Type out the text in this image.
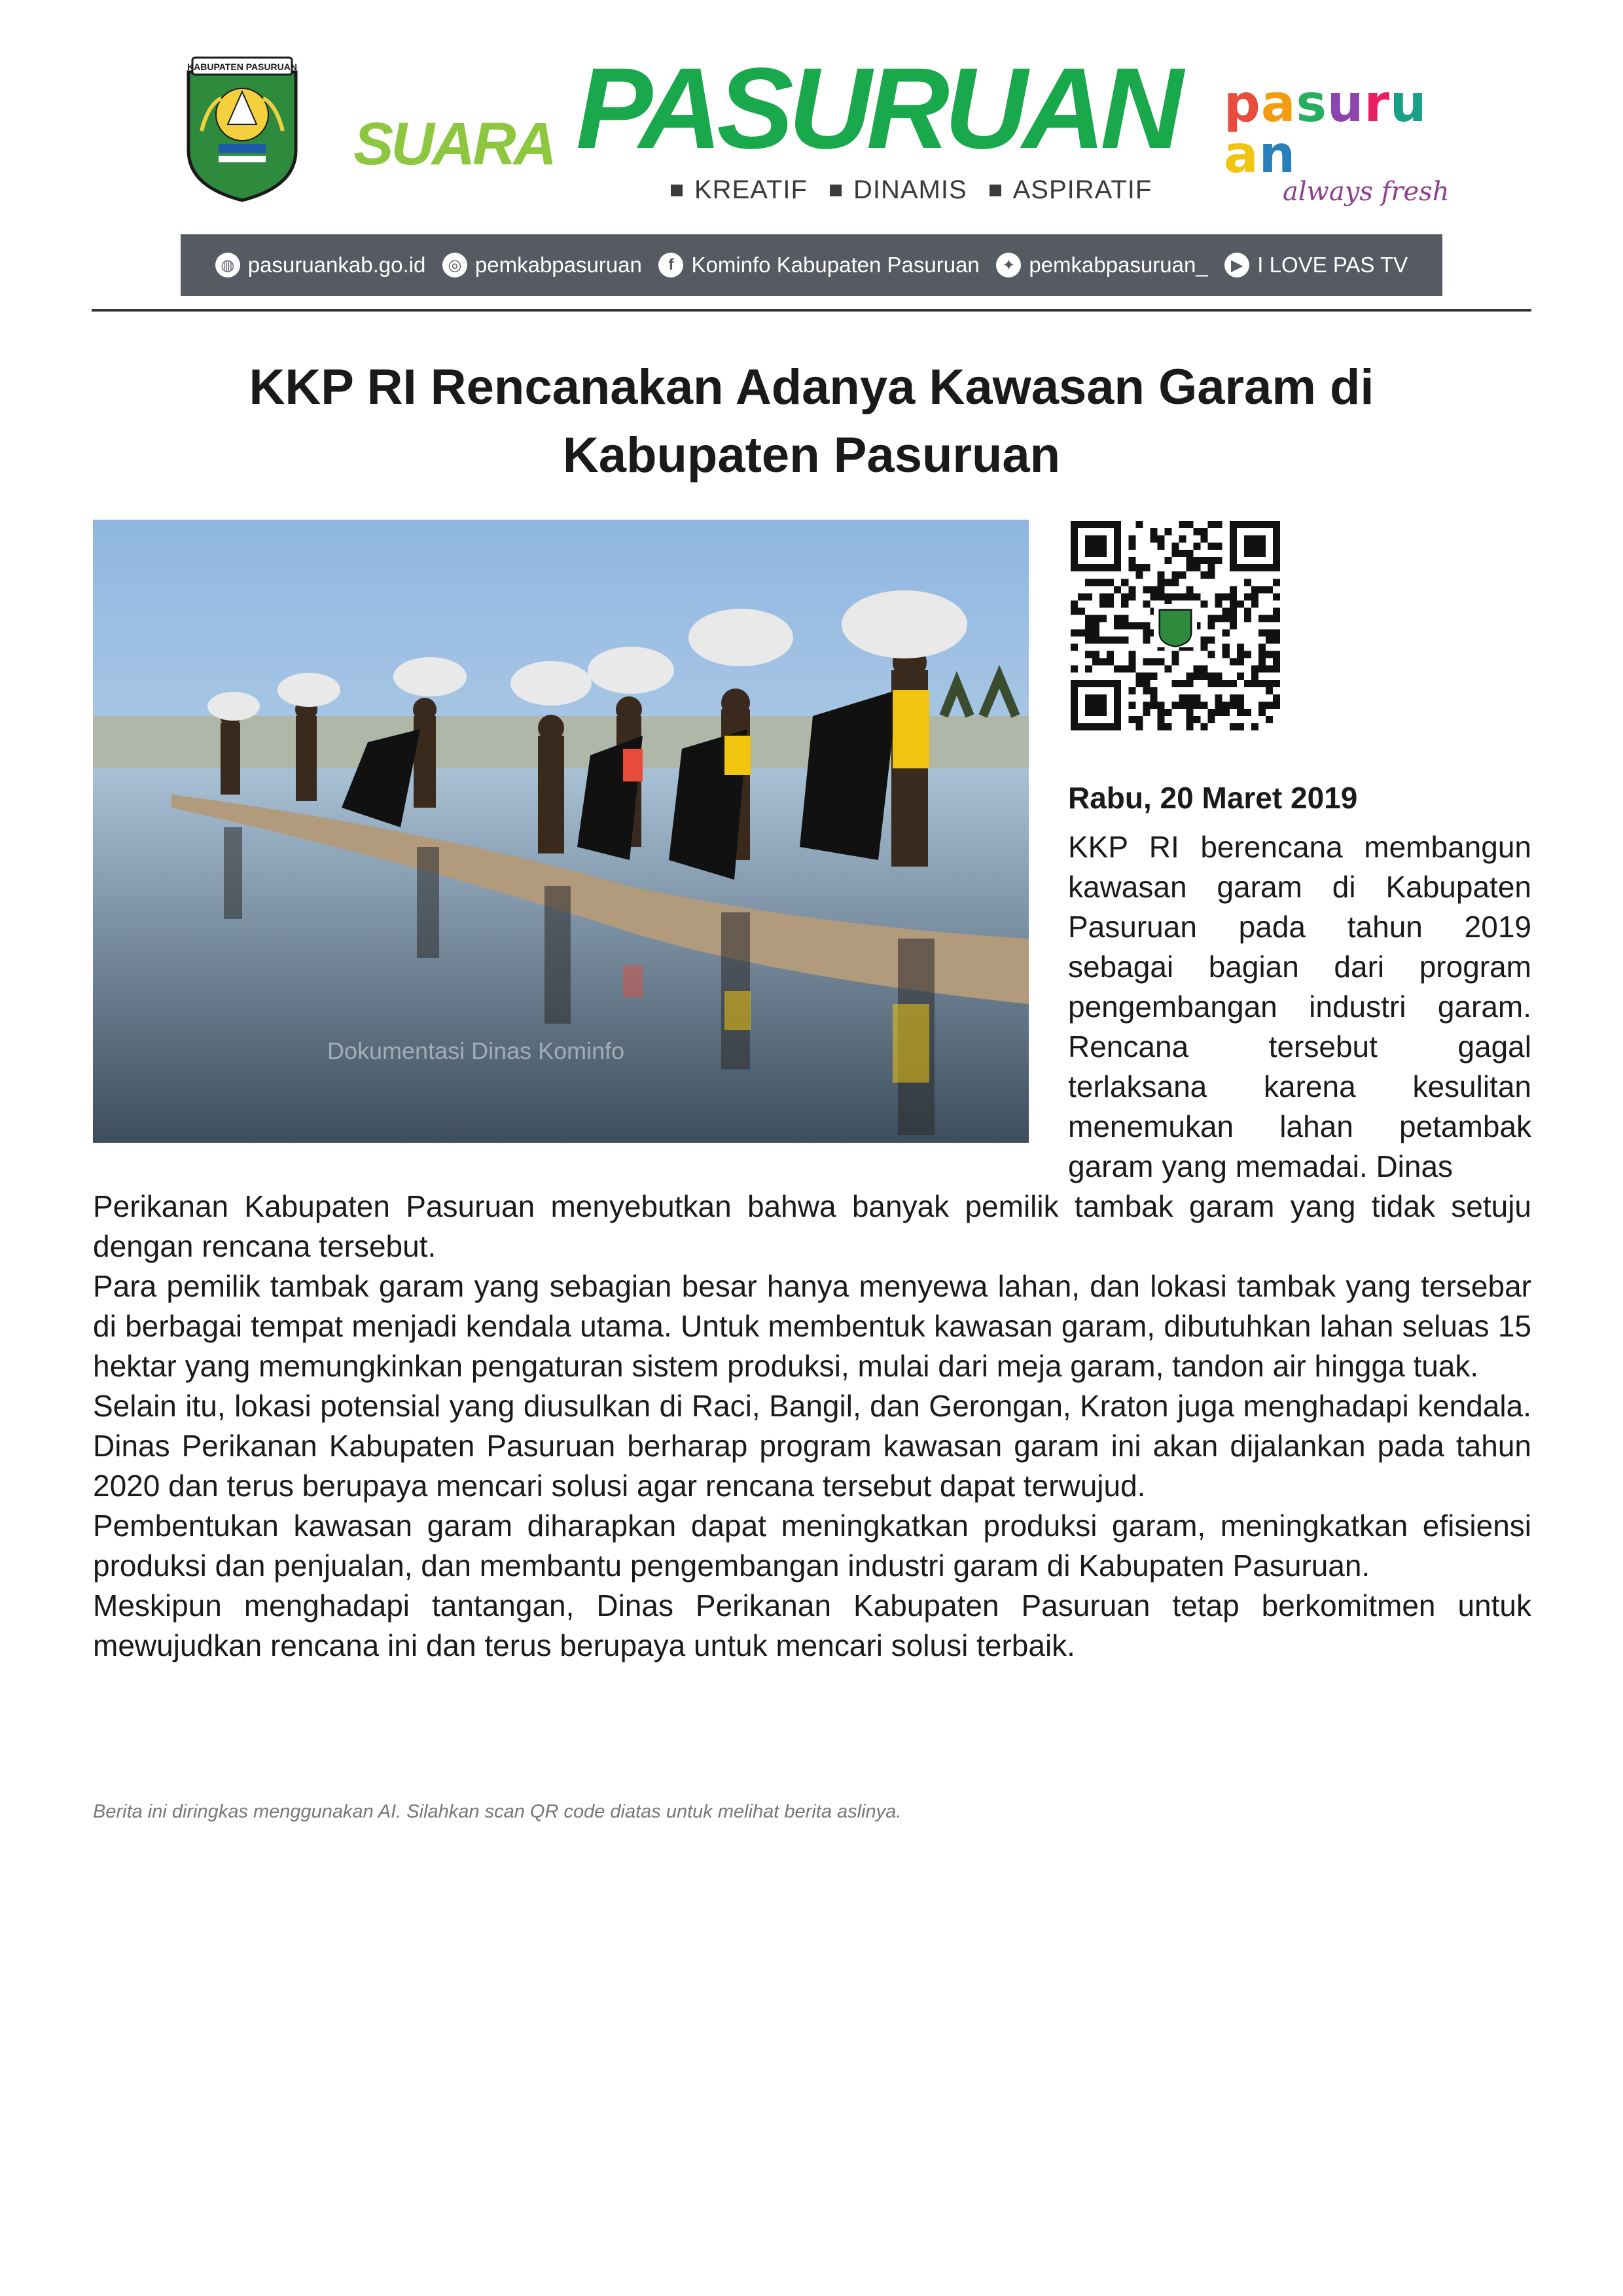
KABUPATEN PASURUAN
SUARA PASURUAN
KREATIF DINAMIS ASPIRATIF
pasuruan
always fresh
◍ pasuruankab.go.id	◎ pemkabpasuruan	f Kominfo Kabupaten Pasuruan	✦ pemkabpasuruan_	▶ I LOVE PAS TV
KKP RI Rencanakan Adanya Kawasan Garam di
Kabupaten Pasuruan
Dokumentasi Dinas Kominfo
Rabu, 20 Maret 2019
KKP RI berencana membangun kawasan garam di Kabupaten Pasuruan pada tahun 2019 sebagai bagian dari program pengembangan industri garam. Rencana tersebut gagal terlaksana karena kesulitan menemukan lahan petambak garam yang memadai. Dinas
Perikanan Kabupaten Pasuruan menyebutkan bahwa banyak pemilik tambak garam yang tidak setuju dengan rencana tersebut.

Para pemilik tambak garam yang sebagian besar hanya menyewa lahan, dan lokasi tambak yang tersebar di berbagai tempat menjadi kendala utama. Untuk membentuk kawasan garam, dibutuhkan lahan seluas 15 hektar yang memungkinkan pengaturan sistem produksi, mulai dari meja garam, tandon air hingga tuak.

Selain itu, lokasi potensial yang diusulkan di Raci, Bangil, dan Gerongan, Kraton juga menghadapi kendala. Dinas Perikanan Kabupaten Pasuruan berharap program kawasan garam ini akan dijalankan pada tahun 2020 dan terus berupaya mencari solusi agar rencana tersebut dapat terwujud.

Pembentukan kawasan garam diharapkan dapat meningkatkan produksi garam, meningkatkan efisiensi produksi dan penjualan, dan membantu pengembangan industri garam di Kabupaten Pasuruan.

Meskipun menghadapi tantangan, Dinas Perikanan Kabupaten Pasuruan tetap berkomitmen untuk mewujudkan rencana ini dan terus berupaya untuk mencari solusi terbaik.

Berita ini diringkas menggunakan AI. Silahkan scan QR code diatas untuk melihat berita aslinya.
